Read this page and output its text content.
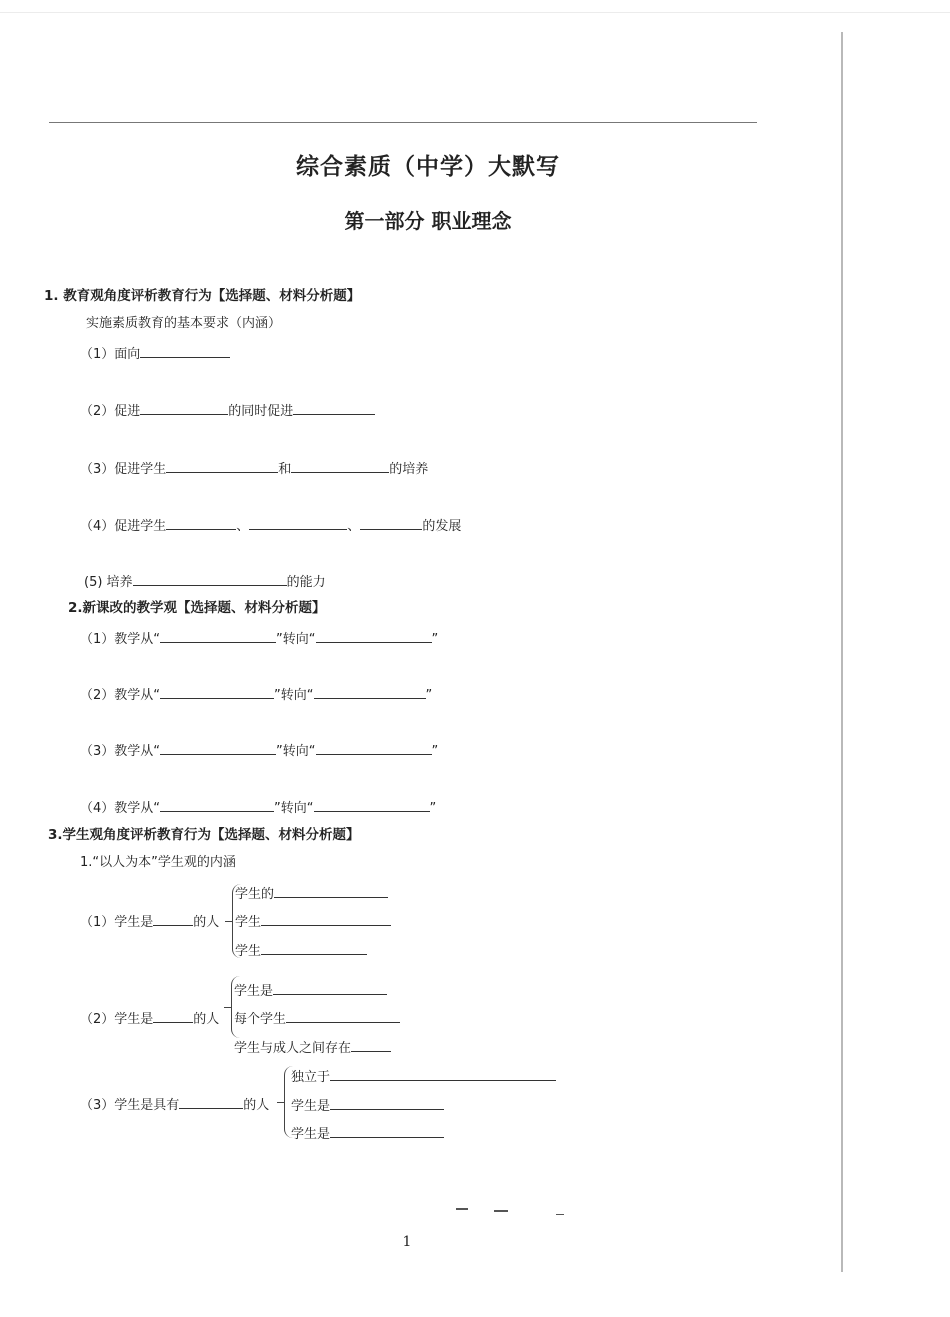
综合素质（中学）大默写
第一部分 职业理念
1. 教育观角度评析教育行为【选择题、材料分析题】
实施素质教育的基本要求（内涵）
（1）面向
（2）促进	的同时促进
（3）促进学生	和	的培养
（4）促进学生	、	、	的发展
(5) 培养	的能力
2.新课改的教学观【选择题、材料分析题】
（1）教学从“	”转向“	”
（2）教学从“	”转向“	”
（3）教学从“	”转向“	”
（4）教学从“	”转向“	”
3.学生观角度评析教育行为【选择题、材料分析题】
1.“以人为本”学生观的内涵
（1）学生是	的人
学生的
学生
学生
（2）学生是	的人
学生是
每个学生
学生与成人之间存在
（3）学生是具有	的人
独立于
学生是
学生是
1
